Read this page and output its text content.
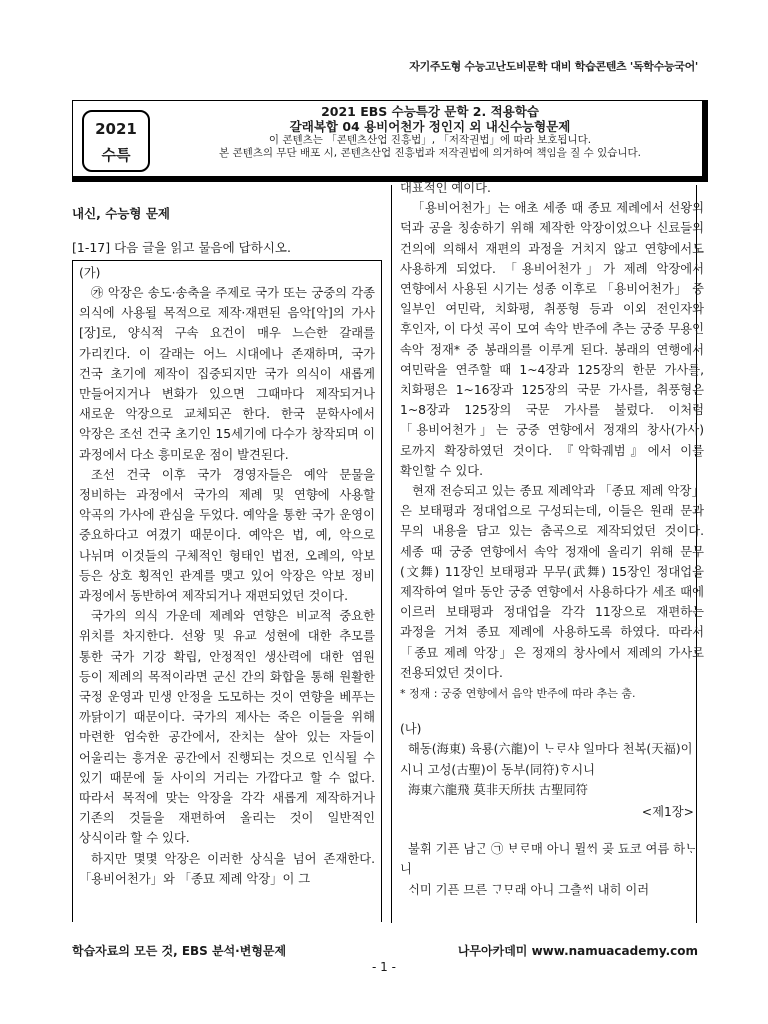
자기주도형 수능고난도비문학 대비 학습콘텐츠 '독학수능국어'
2021
수특
2021 EBS 수능특강 문학 2. 적용학습
갈래복합 04 용비어천가 정인지 외 내신수능형문제
이 콘텐츠는 「콘텐츠산업 진흥법」, 「저작권법」에 따라 보호됩니다.
본 콘텐츠의 무단 배포 시, 콘텐츠산업 진흥법과 저작권법에 의거하여 책임을 질 수 있습니다.
내신, 수능형 문제
[1-17] 다음 글을 읽고 물음에 답하시오.
(가)

㉮ 악장은 송도·송축을 주제로 국가 또는 궁중의 각종 의식에 사용될 목적으로 제작·재편된 음악[악]의 가사[장]로, 양식적 구속 요건이 매우 느슨한 갈래를 가리킨다. 이 갈래는 어느 시대에나 존재하며, 국가 건국 초기에 제작이 집중되지만 국가 의식이 새롭게 만들어지거나 변화가 있으면 그때마다 제작되거나 새로운 악장으로 교체되곤 한다. 한국 문학사에서 악장은 조선 건국 초기인 15세기에 다수가 창작되며 이 과정에서 다소 흥미로운 점이 발견된다.

조선 건국 이후 국가 경영자들은 예악 문물을 정비하는 과정에서 국가의 제례 및 연향에 사용할 악곡의 가사에 관심을 두었다. 예악을 통한 국가 운영이 중요하다고 여겼기 때문이다. 예악은 법, 예, 악으로 나뉘며 이것들의 구체적인 형태인 법전, 오례의, 악보 등은 상호 횡적인 관계를 맺고 있어 악장은 악보 정비 과정에서 동반하여 제작되거나 재편되었던 것이다.

국가의 의식 가운데 제례와 연향은 비교적 중요한 위치를 차지한다. 선왕 및 유교 성현에 대한 추모를 통한 국가 기강 확립, 안정적인 생산력에 대한 염원 등이 제례의 목적이라면 군신 간의 화합을 통해 원활한 국정 운영과 민생 안정을 도모하는 것이 연향을 베푸는 까닭이기 때문이다. 국가의 제사는 죽은 이들을 위해 마련한 엄숙한 공간에서, 잔치는 살아 있는 자들이 어울리는 흥겨운 공간에서 진행되는 것으로 인식될 수 있기 때문에 둘 사이의 거리는 가깝다고 할 수 없다. 따라서 목적에 맞는 악장을 각각 새롭게 제작하거나 기존의 것들을 재편하여 올리는 것이 일반적인 상식이라 할 수 있다.

하지만 몇몇 악장은 이러한 상식을 넘어 존재한다. 「용비어천가」와 「종묘 제례 악장」이 그

대표적인 예이다.

「용비어천가」는 애초 세종 때 종묘 제례에서 선왕의 덕과 공을 칭송하기 위해 제작한 악장이었으나 신료들의 건의에 의해서 재편의 과정을 거치지 않고 연향에서도 사용하게 되었다. 「용비어천가」가 제례 악장에서 연향에서 사용된 시기는 성종 이후로 「용비어천가」 중 일부인 여민락, 치화평, 취풍형 등과 이외 전인자와 후인자, 이 다섯 곡이 모여 속악 반주에 추는 궁중 무용인 속악 정재* 중 봉래의를 이루게 된다. 봉래의 연행에서 여민락을 연주할 때 1~4장과 125장의 한문 가사를, 치화평은 1~16장과 125장의 국문 가사를, 취풍형은 1~8장과 125장의 국문 가사를 불렀다. 이처럼 「용비어천가」는 궁중 연향에서 정재의 창사(가사)로까지 확장하였던 것이다. 『악학궤범』에서 이를 확인할 수 있다.

현재 전승되고 있는 종묘 제례악과 「종묘 제례 악장」은 보태평과 정대업으로 구성되는데, 이들은 원래 문과 무의 내용을 담고 있는 춤곡으로 제작되었던 것이다. 세종 때 궁중 연향에서 속악 정재에 올리기 위해 문무(文舞) 11장인 보태평과 무무(武舞) 15장인 정대업을 제작하여 얼마 동안 궁중 연향에서 사용하다가 세조 때에 이르러 보태평과 정대업을 각각 11장으로 재편하는 과정을 거쳐 종묘 제례에 사용하도록 하였다. 따라서 「종묘 제례 악장」은 정재의 창사에서 제례의 가사로 전용되었던 것이다.

* 정재 : 궁중 연향에서 음악 반주에 따라 추는 춤.
(나)

해동(海東) 육룡(六龍)이 ᄂᆞᄅᆞ샤 일마다 천복(天福)이시니 고성(古聖)이 동부(同符)ᄒᆞ시니

海東六龍飛 莫非天所扶 古聖同符

<제1장>

불휘 기픈 남ᄀᆞᆫ ㉠ ᄇᆞᄅᆞ매 아니 뮐ᄊᆡ 곶 됴코 여름 하ᄂᆞ니

ᄉᆡ미 기픈 므른 ᄀᆞᄆᆞ래 아니 그츨ᄊᆡ 내히 이러

학습자료의 모든 것, EBS 분석·변형문제	나무아카데미 www.namuacademy.com
- 1 -
